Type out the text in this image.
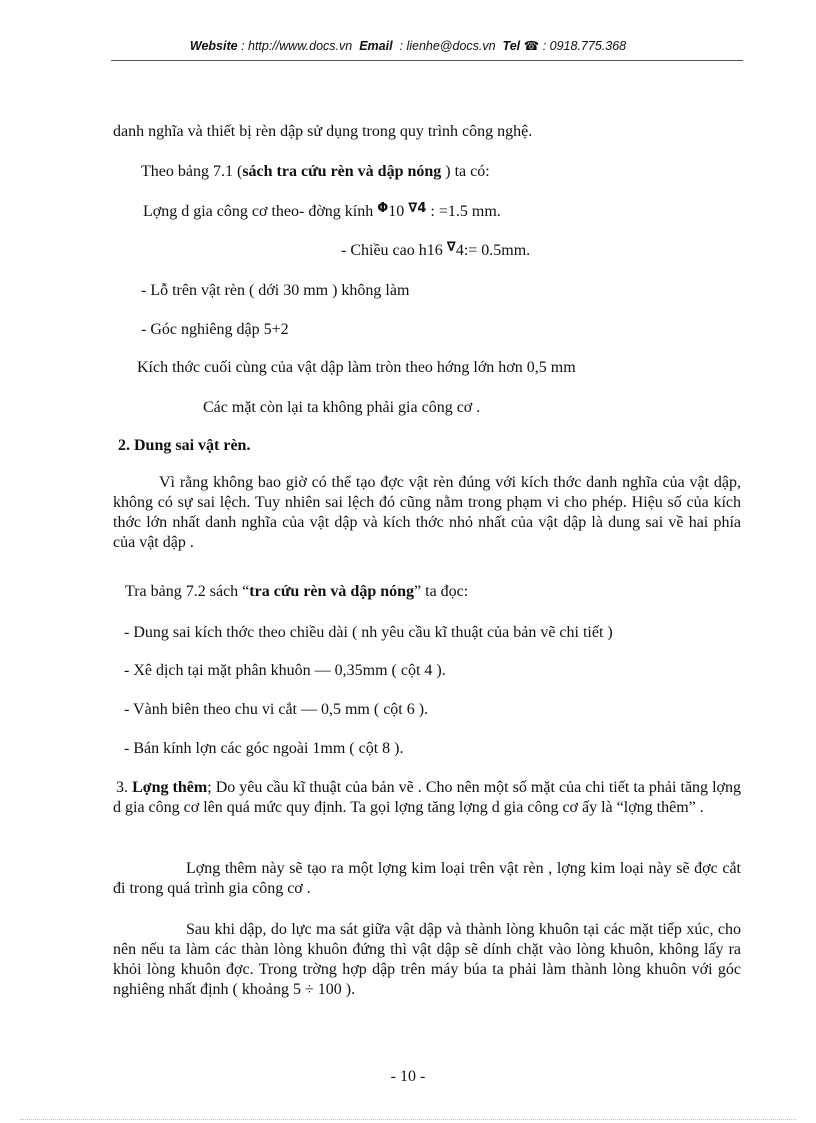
Website : http://www.docs.vn Email : lienhe@docs.vn Tel ☎ : 0918.775.368
danh nghĩa và thiết bị rèn dập sử dụng trong quy trình công nghệ.
Theo bảng 7.1 (sách tra cứu rèn và dập nóng ) ta có:
Lợng d gia công cơ theo- đờng kính $^\Phi$10 $^{\nabla 4}$ : =1.5 mm.
- Chiều cao h16 ∇4:= 0.5mm.
- Lỗ trên vật rèn ( dới 30 mm ) không làm
- Góc nghiêng dập 5+2
Kích thớc cuối cùng của vật dập làm tròn theo hớng lớn hơn 0,5 mm
Các mặt còn lại ta không phải gia công cơ .
2. Dung sai vật rèn.
Vì rằng không bao giờ có thể tạo đợc vật rèn đúng với kích thớc danh nghĩa của vật dập, không có sự sai lệch. Tuy nhiên sai lệch đó cũng nằm trong phạm vi cho phép. Hiệu số của kích thớc lớn nhất danh nghĩa của vật dập và kích thớc nhỏ nhất của vật dập là dung sai về hai phía của vật dập .
Tra bảng 7.2 sách “tra cứu rèn và dập nóng” ta đọc:
- Dung sai kích thớc theo chiều dài ( nh yêu cầu kĩ thuật của bản vẽ chi tiết )
- Xê dịch tại mặt phân khuôn — 0,35mm ( cột 4 ).
- Vành biên theo chu vi cắt — 0,5 mm ( cột 6 ).
- Bán kính lợn các góc ngoài 1mm ( cột 8 ).
3. Lợng thêm; Do yêu cầu kĩ thuật của bản vẽ . Cho nên một số mặt của chi tiết ta phải tăng lợng d gia công cơ lên quá mức quy định. Ta gọi lợng tăng lợng d gia công cơ ấy là “lợng thêm” .
Lợng thêm này sẽ tạo ra một lợng kim loại trên vật rèn , lợng kim loại này sẽ đợc cắt đi trong quá trình gia công cơ .
Sau khi dập, do lực ma sát giữa vật dập và thành lòng khuôn tại các mặt tiếp xúc, cho nên nếu ta làm các thàn lòng khuôn đứng thì vật dập sẽ dính chặt vào lòng khuôn, không lấy ra khỏi lòng khuôn đợc. Trong trờng hợp dập trên máy búa ta phải làm thành lòng khuôn với góc nghiêng nhất định ( khoảng 5 ÷ 100 ).
- 10 -
